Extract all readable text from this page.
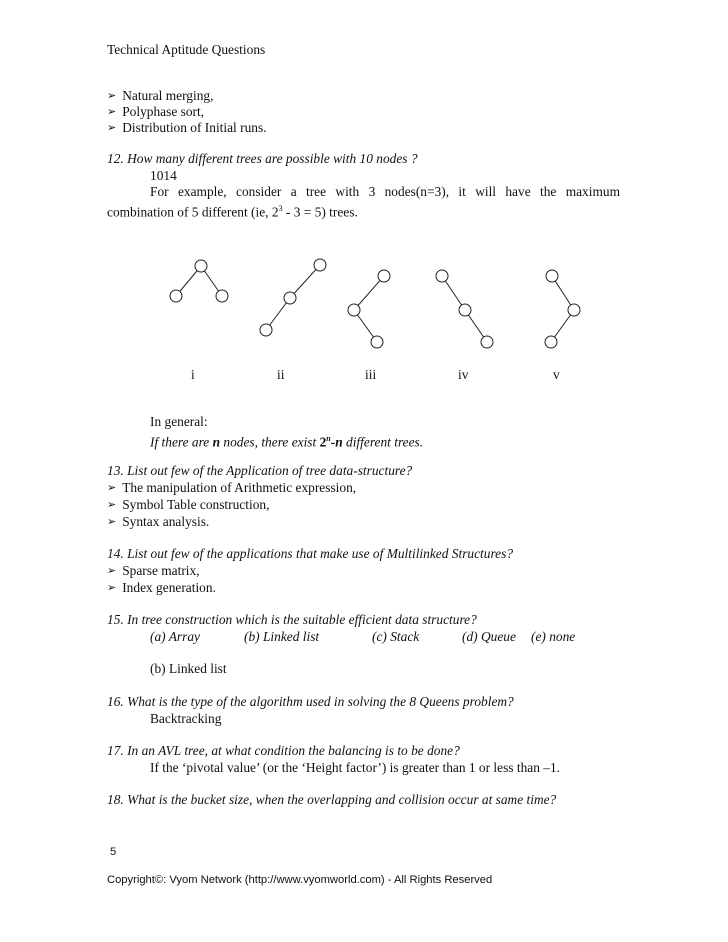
Technical Aptitude Questions
➢ Natural merging,
➢ Polyphase sort,
➢ Distribution of Initial runs.
12. How many different trees are possible with 10 nodes ?
1014
For example, consider a tree with 3 nodes(n=3), it will have the maximum
combination of 5 different (ie, $2^3 - 3 = 5$) trees.
i	ii	iii	iv	v
In general:
If there are n nodes, there exist 2$^n$-n different trees.
13. List out few of the Application of tree data-structure?
➢ The manipulation of Arithmetic expression,
➢ Symbol Table construction,
➢ Syntax analysis.
14. List out few of the applications that make use of Multilinked Structures?
➢ Sparse matrix,
➢ Index generation.
15. In tree construction which is the suitable efficient data structure?
(a) Array	(b) Linked list	(c) Stack	(d) Queue (e) none
(b) Linked list
16. What is the type of the algorithm used in solving the 8 Queens problem?
Backtracking
17. In an AVL tree, at what condition the balancing is to be done?
If the ‘pivotal value’ (or the ‘Height factor’) is greater than 1 or less than –1.
18. What is the bucket size, when the overlapping and collision occur at same time?
5
Copyright©: Vyom Network (http://www.vyomworld.com) - All Rights Reserved
